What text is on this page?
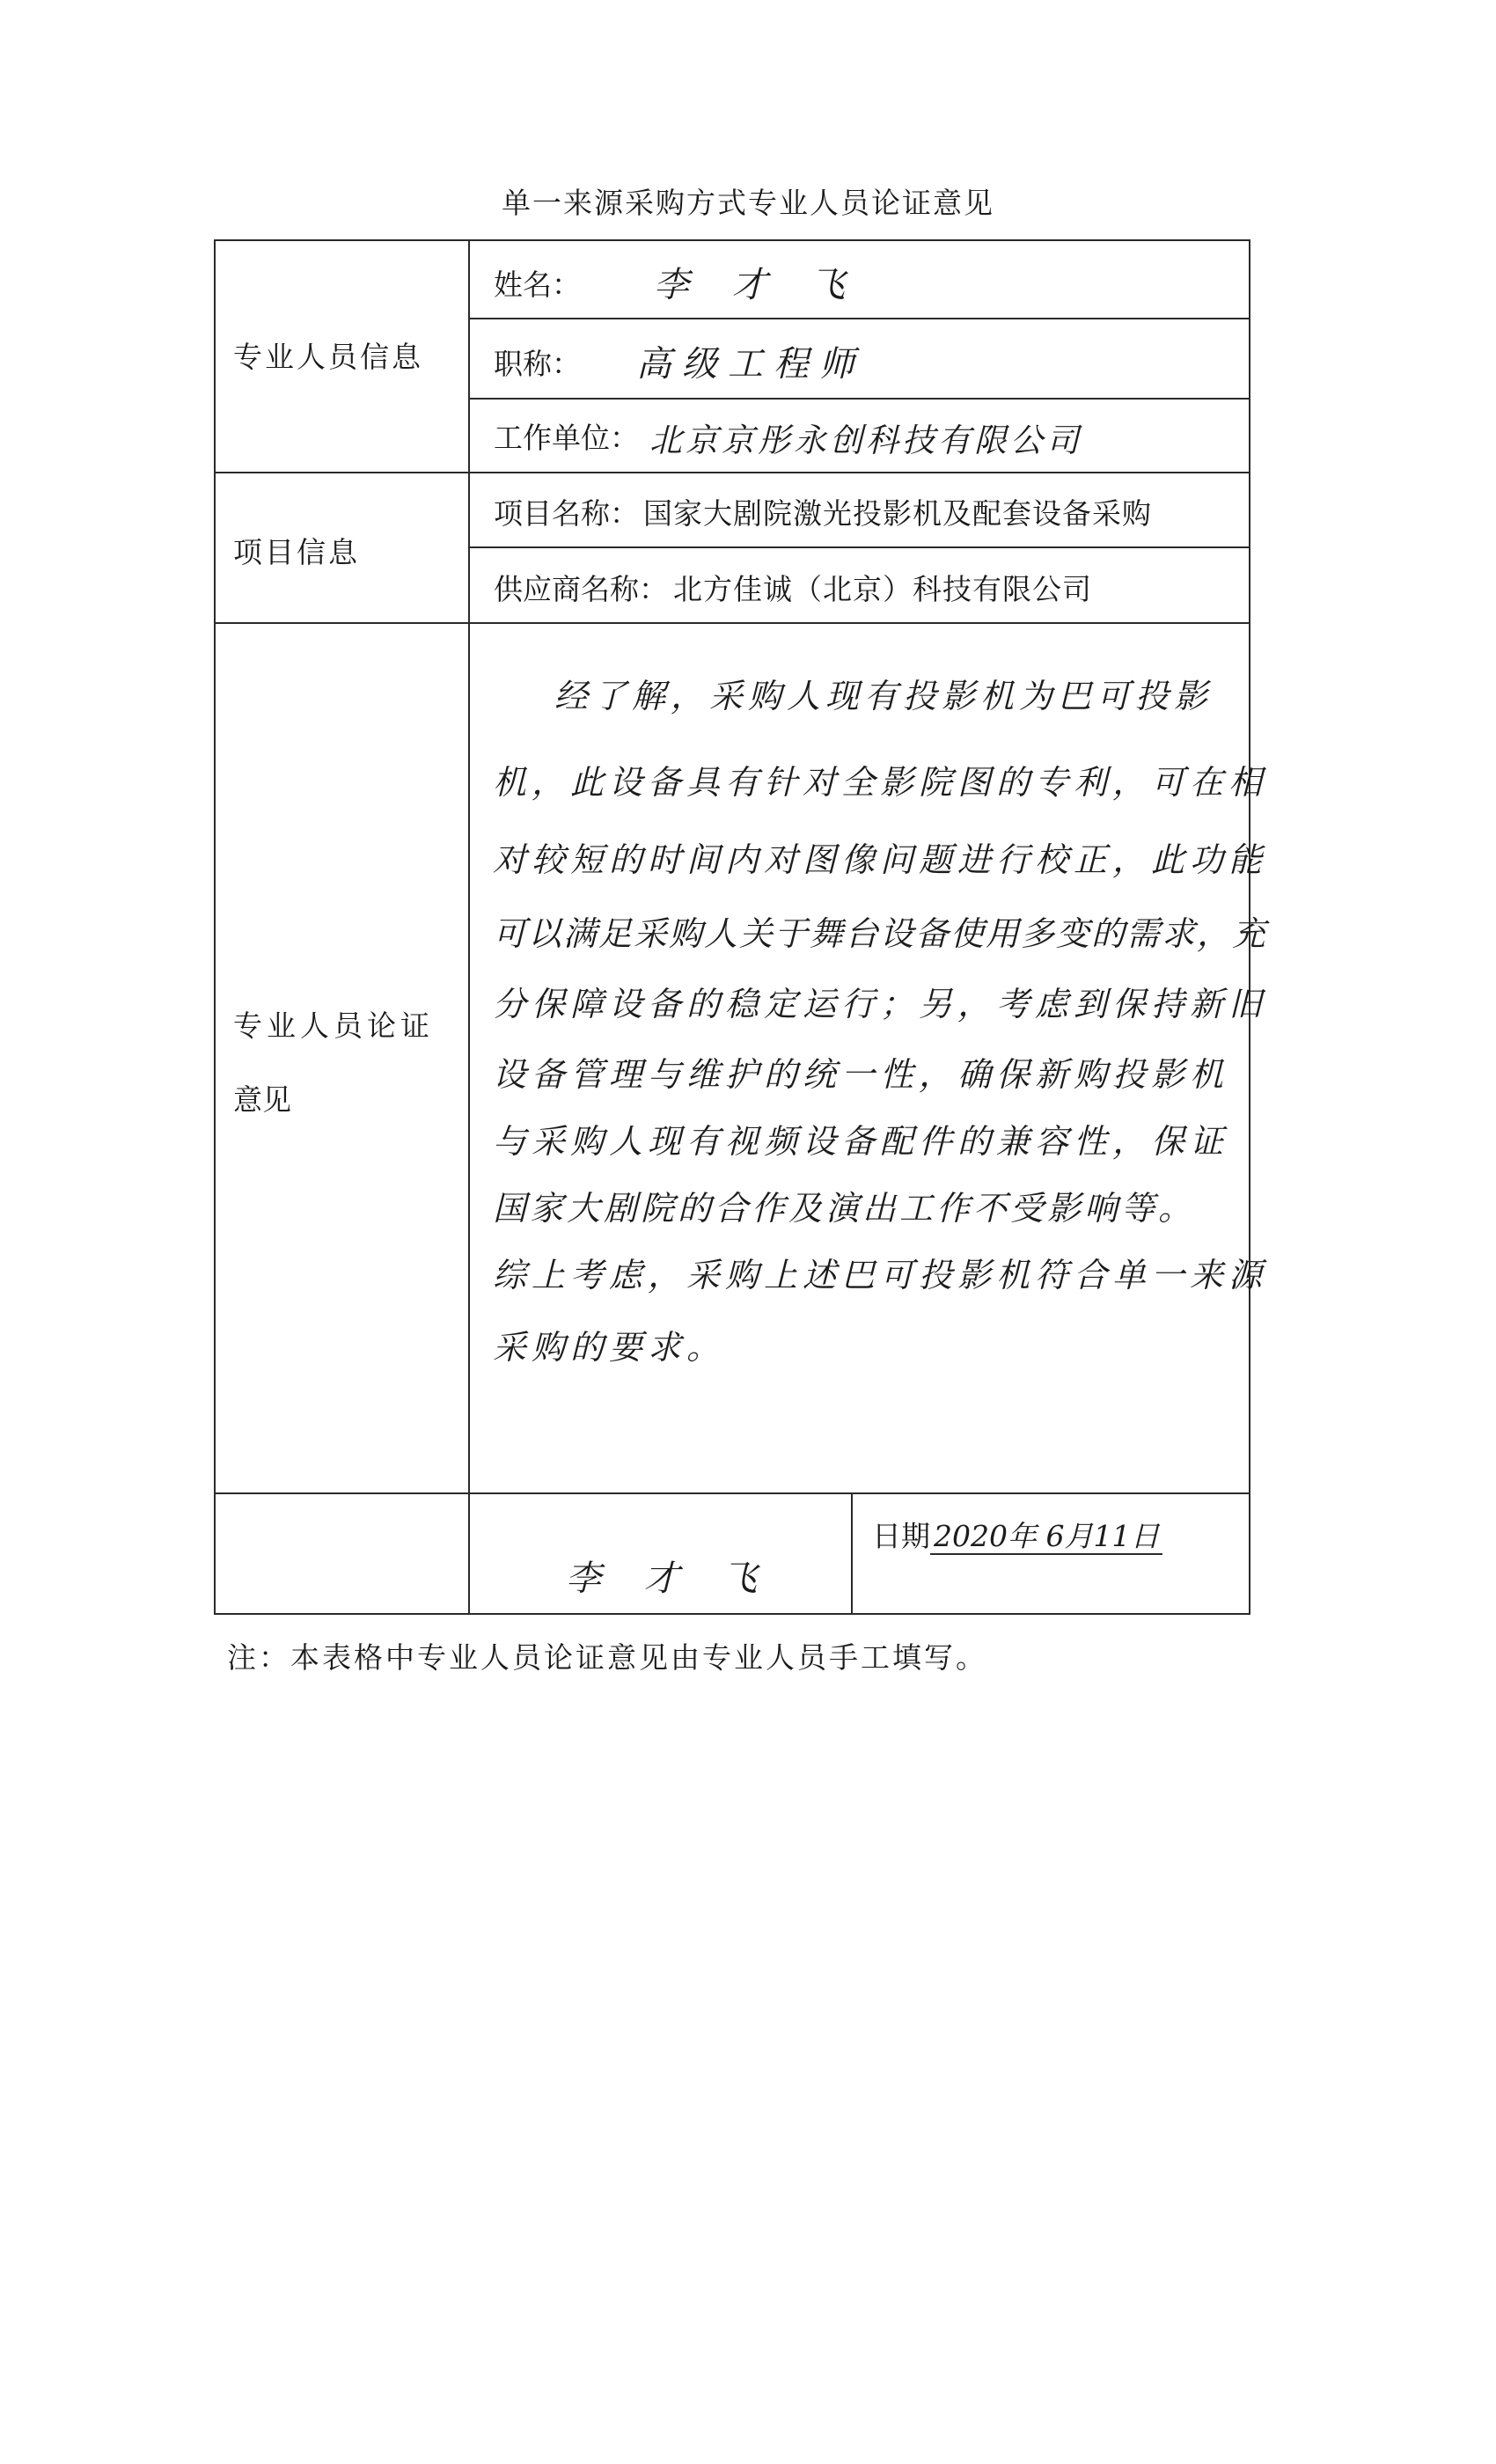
单一来源采购方式专业人员论证意见
专业人员信息
姓名： 李 才 飞
职称： 高级工程师
工作单位： 北京京彤永创科技有限公司
项目信息
项目名称： 国家大剧院激光投影机及配套设备采购
供应商名称： 北方佳诚（北京）科技有限公司
专业人员论证
意见
李 才 飞
日期 2020年 6月11日
经了解，采购人现有投影机为巴可投影
机，此设备具有针对全影院图的专利，可在相
对较短的时间内对图像问题进行校正，此功能
可以满足采购人关于舞台设备使用多变的需求，充
分保障设备的稳定运行；另，考虑到保持新旧
设备管理与维护的统一性，确保新购投影机
与采购人现有视频设备配件的兼容性，保证
国家大剧院的合作及演出工作不受影响等。
综上考虑，采购上述巴可投影机符合单一来源
采购的要求。
注：本表格中专业人员论证意见由专业人员手工填写。
